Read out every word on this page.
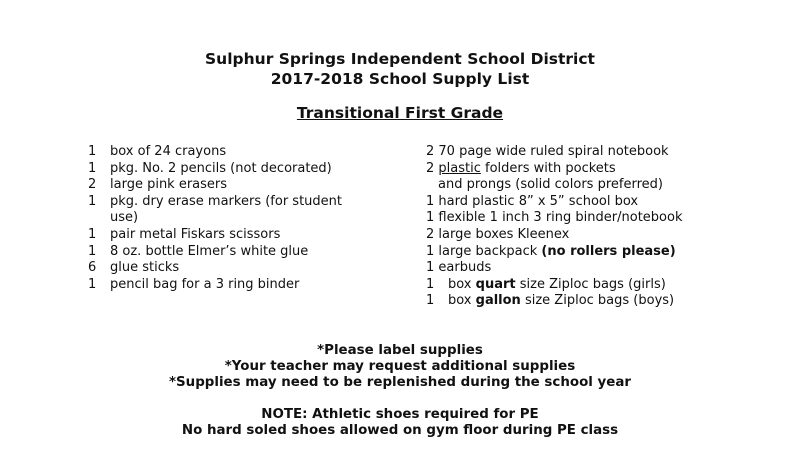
Sulphur Springs Independent School District
2017-2018 School Supply List
Transitional First Grade
1	box of 24 crayons
1	pkg. No. 2 pencils (not decorated)
2	large pink erasers
1	pkg. dry erase markers (for student
use)
1	pair metal Fiskars scissors
1	8 oz. bottle Elmer’s white glue
6	glue sticks
1	pencil bag for a 3 ring binder
2 70 page wide ruled spiral notebook
2 plastic folders with pockets
and prongs (solid colors preferred)
1 hard plastic 8” x 5” school box
1 flexible 1 inch 3 ring binder/notebook
2 large boxes Kleenex
1 large backpack (no rollers please)
1 earbuds
1	box
quart
size Ziploc bags (girls)
1	box
gallon
size Ziploc bags (boys)
*Please label supplies
*Your teacher may request additional supplies
*Supplies may need to be replenished during the school year
NOTE: Athletic shoes required for PE
No hard soled shoes allowed on gym floor during PE class
